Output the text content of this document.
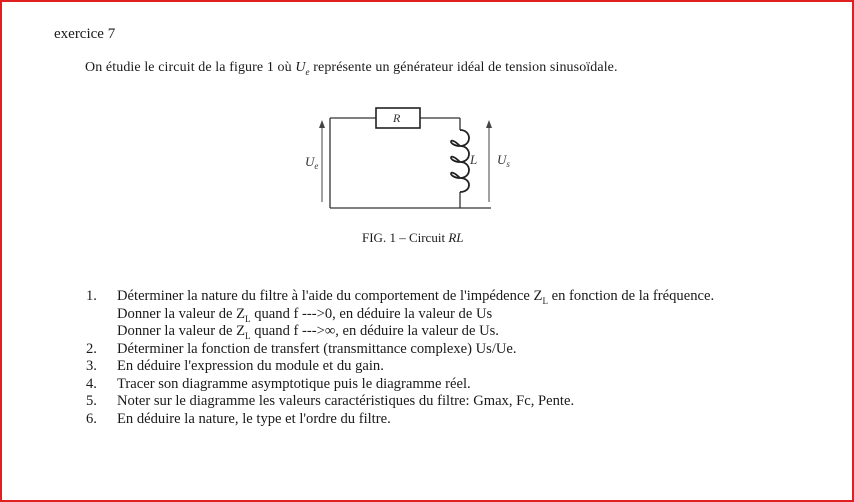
exercice 7
On étudie le circuit de la figure 1 où $U_e$ représente un générateur idéal de tension sinusoïdale.
R
L
$U_e$	$U_s$
FIG. 1 – Circuit RL
1. Déterminer la nature du filtre à l'aide du comportement de l'impédence $Z_L$ en fonction de la fréquence.
Donner la valeur de $Z_L$ quand f --->0, en déduire la valeur de Us
Donner la valeur de $Z_L$ quand f --->∞, en déduire la valeur de Us.
2. Déterminer la fonction de transfert (transmittance complexe) Us/Ue.
3. En déduire l'expression du module et du gain.
4. Tracer son diagramme asymptotique puis le diagramme réel.
5. Noter sur le diagramme les valeurs caractéristiques du filtre: Gmax, Fc, Pente.
6. En déduire la nature, le type et l'ordre du filtre.
